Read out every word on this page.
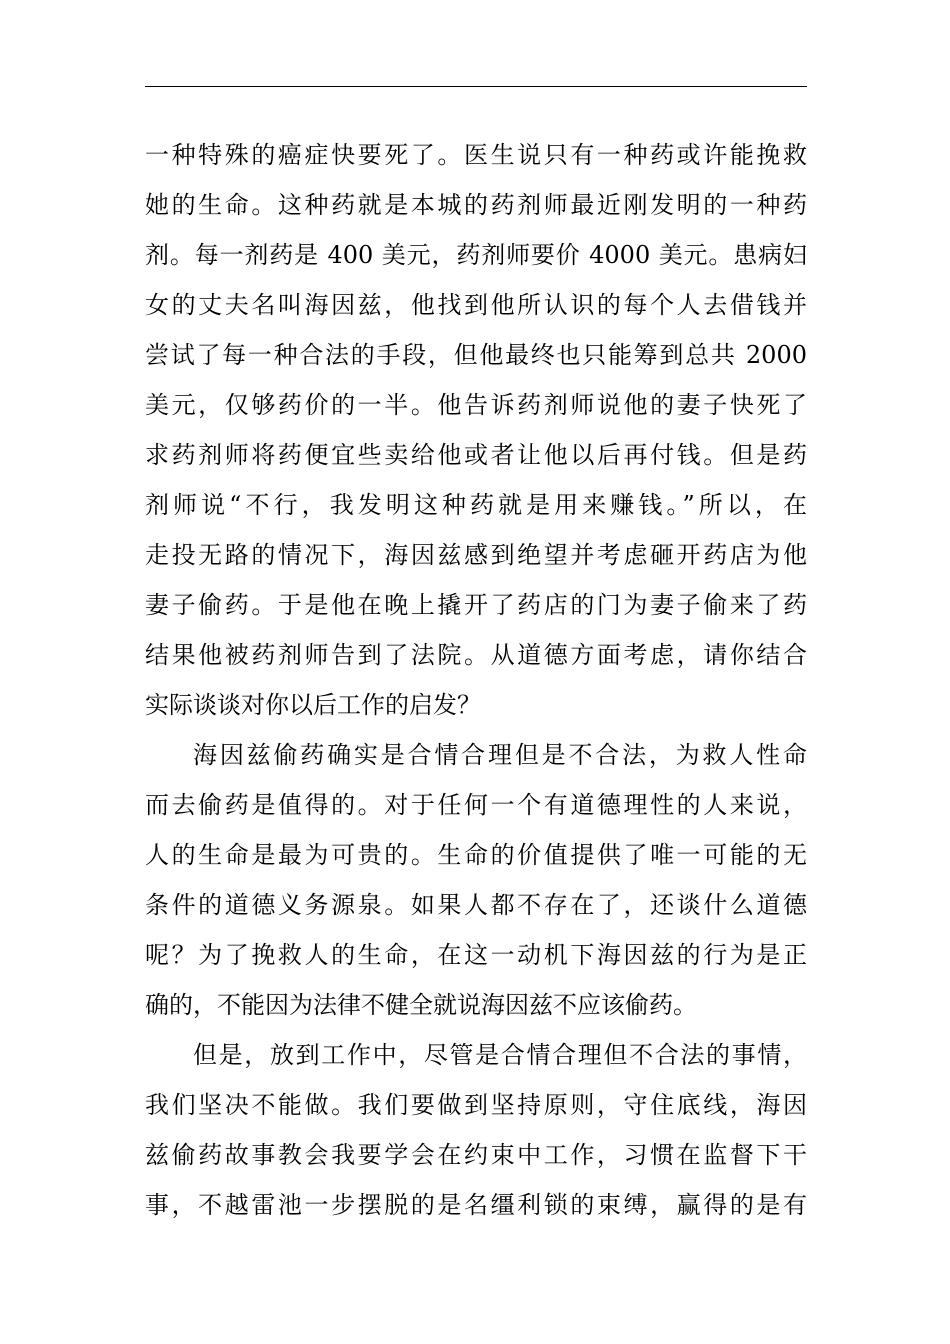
一种特殊的癌症快要死了。医生说只有一种药或许能挽救
她的生命。这种药就是本城的药剂师最近刚发明的一种药
剂。每一剂药是 400 美元，药剂师要价 4000 美元。患病妇
女的丈夫名叫海因兹，他找到他所认识的每个人去借钱并
尝试了每一种合法的手段，但他最终也只能筹到总共 2000
美元，仅够药价的一半。他告诉药剂师说他的妻子快死了
求药剂师将药便宜些卖给他或者让他以后再付钱。但是药
剂师说“不行，我发明这种药就是用来赚钱。”所以，在
走投无路的情况下，海因兹感到绝望并考虑砸开药店为他
妻子偷药。于是他在晚上撬开了药店的门为妻子偷来了药
结果他被药剂师告到了法院。从道德方面考虑，请你结合
实际谈谈对你以后工作的启发？
海因兹偷药确实是合情合理但是不合法，为救人性命
而去偷药是值得的。对于任何一个有道德理性的人来说，
人的生命是最为可贵的。生命的价值提供了唯一可能的无
条件的道德义务源泉。如果人都不存在了，还谈什么道德
呢？为了挽救人的生命，在这一动机下海因兹的行为是正
确的，不能因为法律不健全就说海因兹不应该偷药。
但是，放到工作中，尽管是合情合理但不合法的事情，
我们坚决不能做。我们要做到坚持原则，守住底线，海因
兹偷药故事教会我要学会在约束中工作，习惯在监督下干
事，不越雷池一步摆脱的是名缰利锁的束缚，赢得的是有
